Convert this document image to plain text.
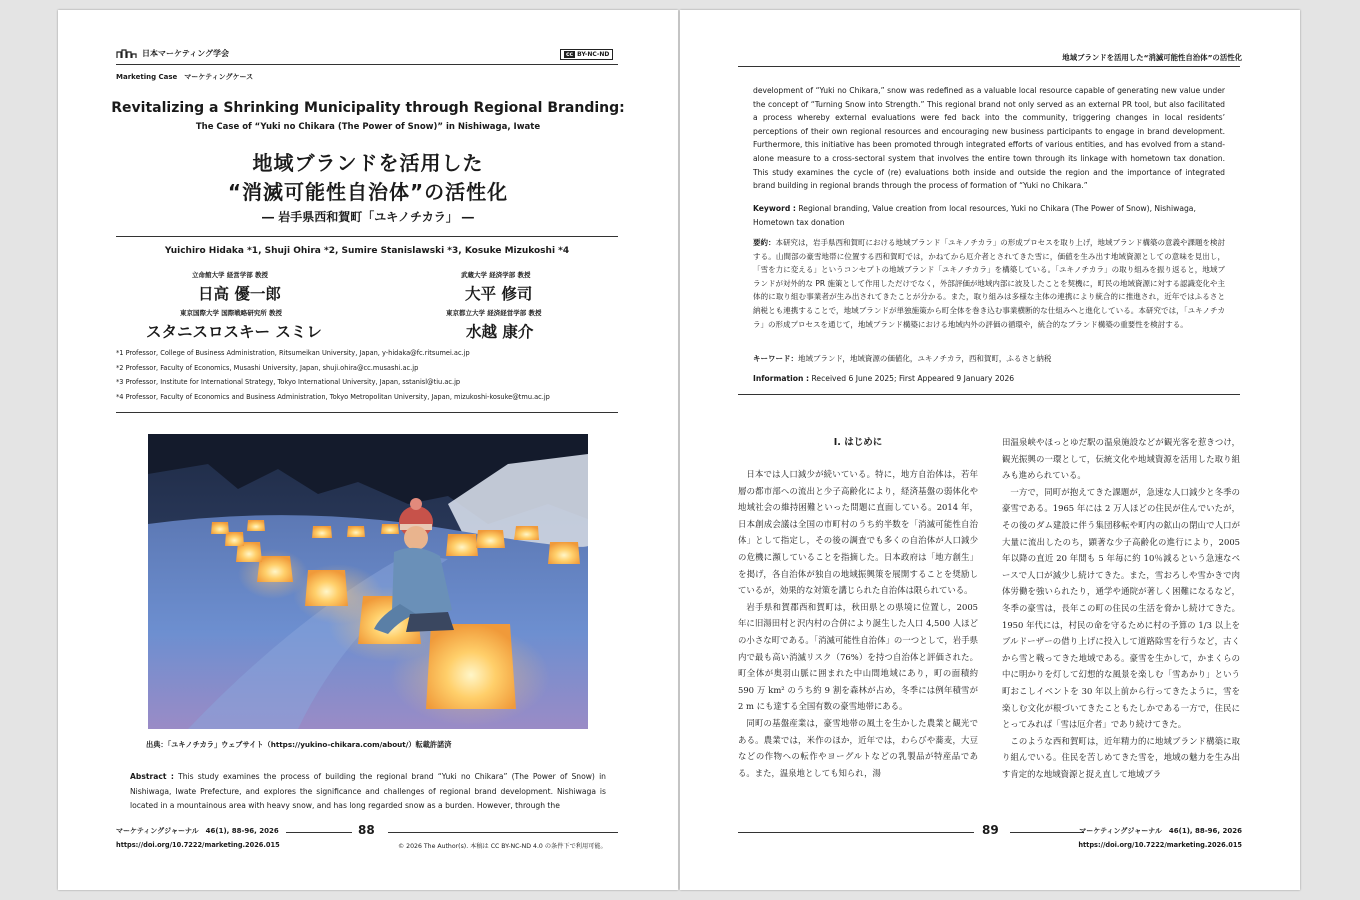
日本マーケティング学会	cc BY-NC-ND
Marketing Case　マーケティングケース
Revitalizing a Shrinking Municipality through Regional Branding:
The Case of “Yuki no Chikara (The Power of Snow)” in Nishiwaga, Iwate
地域ブランドを活用した
“消滅可能性自治体”の活性化
― 岩手県西和賀町「ユキノチカラ」 ―
Yuichiro Hidaka *1, Shuji Ohira *2, Sumire Stanislawski *3, Kosuke Mizukoshi *4
立命館大学 経営学部 教授
日高 優一郎
武蔵大学 経済学部 教授
大平 修司
東京国際大学 国際戦略研究所 教授
スタニスロスキー スミレ
東京都立大学 経済経営学部 教授
水越 康介
*1 Professor, College of Business Administration, Ritsumeikan University, Japan, y-hidaka@fc.ritsumei.ac.jp
*2 Professor, Faculty of Economics, Musashi University, Japan, shuji.ohira@cc.musashi.ac.jp
*3 Professor, Institute for International Strategy, Tokyo International University, Japan, sstanisl@tiu.ac.jp
*4 Professor, Faculty of Economics and Business Administration, Tokyo Metropolitan University, Japan, mizukoshi-kosuke@tmu.ac.jp
出典：「ユキノチカラ」ウェブサイト（https://yukino-chikara.com/about/）転載許諾済
Abstract : This study examines the process of building the regional brand “Yuki no Chikara” (The Power of Snow) in Nishiwaga, Iwate Prefecture, and explores the significance and challenges of regional brand development. Nishiwaga is located in a mountainous area with heavy snow, and has long regarded snow as a burden. However, through the
マーケティングジャーナル　46(1), 88-96, 2026	88
https://doi.org/10.7222/marketing.2026.015	© 2026 The Author(s). 本稿は CC BY-NC-ND 4.0 の条件下で利用可能。
地域ブランドを活用した“消滅可能性自治体”の活性化
development of “Yuki no Chikara,” snow was redefined as a valuable local resource capable of generating new value under the concept of “Turning Snow into Strength.” This regional brand not only served as an external PR tool, but also facilitated a process whereby external evaluations were fed back into the community, triggering changes in local residents’ perceptions of their own regional resources and encouraging new business participants to engage in brand development. Furthermore, this initiative has been promoted through integrated efforts of various entities, and has evolved from a stand-alone measure to a cross-sectoral system that involves the entire town through its linkage with hometown tax donation. This study examines the cycle of (re) evaluations both inside and outside the region and the importance of integrated brand building in regional brands through the process of formation of “Yuki no Chikara.”
Keyword : Regional branding, Value creation from local resources, Yuki no Chikara (The Power of Snow), Nishiwaga, Hometown tax donation
要約：本研究は，岩手県西和賀町における地域ブランド「ユキノチカラ」の形成プロセスを取り上げ，地域ブランド構築の意義や課題を検討する。山間部の豪雪地帯に位置する西和賀町では，かねてから厄介者とされてきた雪に，価値を生み出す地域資源としての意味を見出し，「雪を力に変える」というコンセプトの地域ブランド「ユキノチカラ」を構築している。「ユキノチカラ」の取り組みを振り返ると，地域ブランドが対外的な PR 施策として作用しただけでなく，外部評価が地域内部に波及したことを契機に，町民の地域資源に対する認識変化や主体的に取り組む事業者が生み出されてきたことが分かる。また，取り組みは多様な主体の連携により統合的に推進され，近年ではふるさと納税とも連携することで，地域ブランドが単独施策から町全体を巻き込む事業横断的な仕組みへと進化している。本研究では，「ユキノチカラ」の形成プロセスを通じて，地域ブランド構築における地域内外の評価の循環や，統合的なブランド構築の重要性を検討する。
キーワード：地域ブランド，地域資源の価値化，ユキノチカラ，西和賀町，ふるさと納税
Information : Received 6 June 2025; First Appeared 9 January 2026
Ⅰ. はじめに

日本では人口減少が続いている。特に，地方自治体は，若年層の都市部への流出と少子高齢化により，経済基盤の弱体化や地域社会の維持困難といった問題に直面している。2014 年，日本創成会議は全国の市町村のうち約半数を「消滅可能性自治体」として指定し，その後の調査でも多くの自治体が人口減少の危機に瀕していることを指摘した。日本政府は「地方創生」を掲げ，各自治体が独自の地域振興策を展開することを奨励しているが，効果的な対策を講じられた自治体は限られている。

岩手県和賀郡西和賀町は，秋田県との県境に位置し，2005 年に旧湯田村と沢内村の合併により誕生した人口 4,500 人ほどの小さな町である。「消滅可能性自治体」の一つとして，岩手県内で最も高い消滅リスク（76%）を持つ自治体と評価された。町全体が奥羽山脈に囲まれた中山間地域にあり，町の面積約 590 万 km² のうち約 9 割を森林が占め，冬季には例年積雪が 2 m にも達する全国有数の豪雪地帯にある。

同町の基盤産業は，豪雪地帯の風土を生かした農業と観光である。農業では，米作のほか，近年では，わらびや蕎麦，大豆などの作物への転作やヨーグルトなどの乳製品が特産品である。また，温泉地としても知られ，湯

田温泉峡やほっとゆだ駅の温泉施設などが観光客を惹きつけ，観光振興の一環として，伝統文化や地域資源を活用した取り組みも進められている。

一方で，同町が抱えてきた課題が，急速な人口減少と冬季の豪雪である。1965 年には 2 万人ほどの住民が住んでいたが，その後のダム建設に伴う集団移転や町内の鉱山の閉山で人口が大量に流出したのち，顕著な少子高齢化の進行により，2005 年以降の直近 20 年間も 5 年毎に約 10％減るという急速なペースで人口が減少し続けてきた。また，雪おろしや雪かきで肉体労働を強いられたり，通学や通院が著しく困難になるなど，冬季の豪雪は，長年この町の住民の生活を脅かし続けてきた。1950 年代には，村民の命を守るために村の予算の 1/3 以上をブルドーザーの借り上げに投入して道路除雪を行うなど，古くから雪と戦ってきた地域である。豪雪を生かして，かまくらの中に明かりを灯して幻想的な風景を楽しむ「雪あかり」という町おこしイベントを 30 年以上前から行ってきたように，雪を楽しむ文化が根づいてきたこともたしかである一方で，住民にとってみれば「雪は厄介者」であり続けてきた。

このような西和賀町は，近年精力的に地域ブランド構築に取り組んでいる。住民を苦しめてきた雪を，地域の魅力を生み出す肯定的な地域資源と捉え直して地域ブラ

89	マーケティングジャーナル　46(1), 88-96, 2026
https://doi.org/10.7222/marketing.2026.015
